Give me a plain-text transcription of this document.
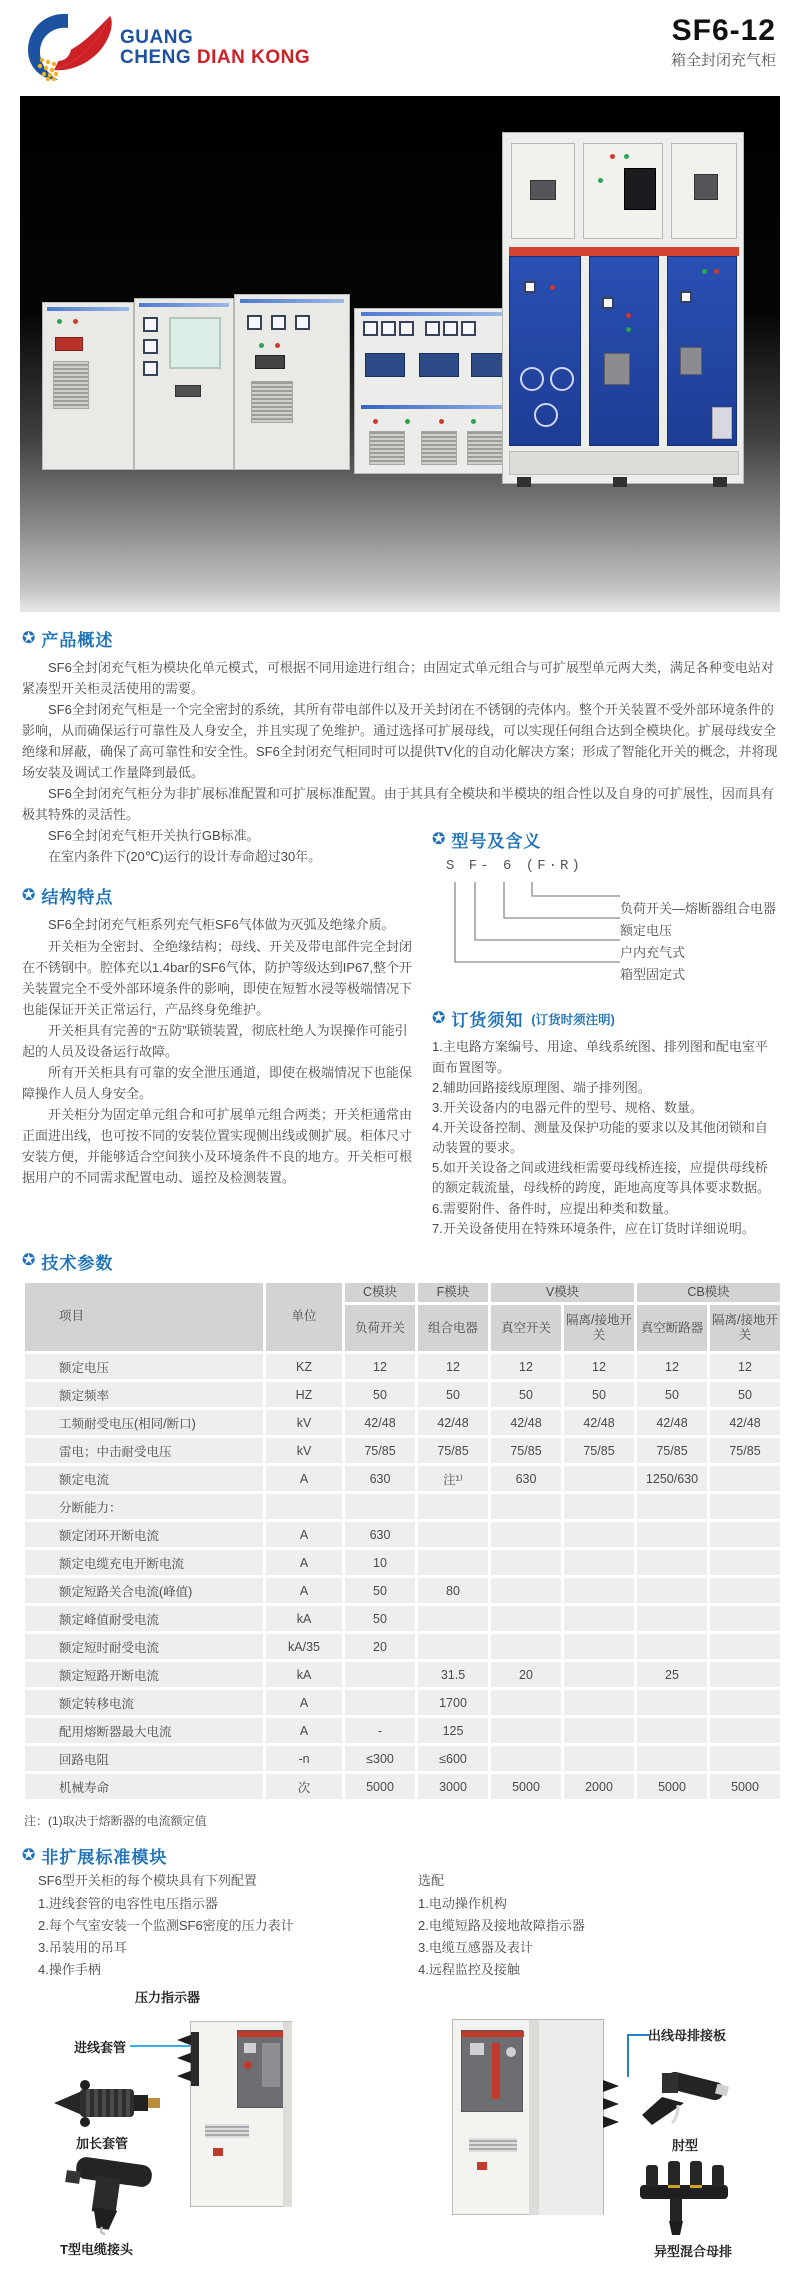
GUANG
CHENG DIAN KONG
SF6-12
箱全封闭充气柜
✪
产品概述
SF6全封闭充气柜为模块化单元模式，可根据不同用途进行组合；由固定式单元组合与可扩展型单元两大类，满足各种变电站对紧凑型开关柜灵活使用的需要。
SF6全封闭充气柜是一个完全密封的系统，其所有带电部件以及开关封闭在不锈钢的壳体内。整个开关装置不受外部环境条件的影响，从而确保运行可靠性及人身安全，并且实现了免维护。通过选择可扩展母线，可以实现任何组合达到全模块化。扩展母线安全绝缘和屏蔽，确保了高可靠性和安全性。SF6全封闭充气柜同时可以提供TV化的自动化解决方案；形成了智能化开关的概念，并将现场安装及调试工作量降到最低。
SF6全封闭充气柜分为非扩展标准配置和可扩展标准配置。由于其具有全模块和半模块的组合性以及自身的可扩展性，因而具有极其特殊的灵活性。
SF6全封闭充气柜开关执行GB标准。
在室内条件下(20℃)运行的设计寿命超过30年。
✪
结构特点
SF6全封闭充气柜系列充气柜SF6气体做为灭弧及绝缘介质。
开关柜为全密封、全绝缘结构；母线、开关及带电部件完全封闭在不锈钢中。腔体充以1.4bar的SF6气体，防护等级达到IP67,整个开关装置完全不受外部环境条件的影响，即使在短暂水浸等极端情况下也能保证开关正常运行，产品终身免维护。
开关柜具有完善的“五防”联锁装置，彻底杜绝人为误操作可能引起的人员及设备运行故障。
所有开关柜具有可靠的安全泄压通道，即使在极端情况下也能保障操作人员人身安全。
开关柜分为固定单元组合和可扩展单元组合两类；开关柜通常由正面进出线，也可按不同的安装位置实现侧出线或侧扩展。柜体尺寸安装方便，并能够适合空间狭小及环境条件不良的地方。开关柜可根据用户的不同需求配置电动、遥控及检测装置。
✪
型号及含义
S F- 6 (F·R)
负荷开关—熔断器组合电器
额定电压
户内充气式
箱型固定式
✪
订货须知 (订货时须注明)
1.主电路方案编号、用途、单线系统图、排列图和配电室平面布置图等。
2.辅助回路接线原理图、端子排列图。
3.开关设备内的电器元件的型号、规格、数量。
4.开关设备控制、测量及保护功能的要求以及其他闭锁和自动装置的要求。
5.如开关设备之间或进线柜需要母线桥连接，应提供母线桥的额定载流量，母线桥的跨度，距地高度等具体要求数据。
6.需要附件、备件时，应提出种类和数量。
7.开关设备使用在特殊环境条件，应在订货时详细说明。
✪
技术参数
项目	单位	C模块	F模块	V模块		CB模块	
		负荷开关	组合电器	真空开关	隔离/接地开关	真空断路器	隔离/接地开关
额定电压	KZ	12	12	12	12	12	12
额定频率	HZ	50	50	50	50	50	50
工频耐受电压(相同/断口)	kV	42/48	42/48	42/48	42/48	42/48	42/48
雷电；中击耐受电压	kV	75/85	75/85	75/85	75/85	75/85	75/85
额定电流	A	630	注¹⁾	630		1250/630	
分断能力：							
额定闭环开断电流	A	630					
额定电缆充电开断电流	A	10					
额定短路关合电流(峰值)	A	50	80				
额定峰值耐受电流	kA	50					
额定短时耐受电流	kA/35	20					
额定短路开断电流	kA		31.5	20		25	
额定转移电流	A		1700				
配用熔断器最大电流	A	-	125				
回路电阻	-n	≤300	≤600				
机械寿命	次	5000	3000	5000	2000	5000	5000
注：(1)取决于熔断器的电流额定值
✪
非扩展标准模块
SF6型开关柜的每个模块具有下列配置
1.进线套管的电容性电压指示器
2.每个气室安装一个监测SF6密度的压力表计
3.吊装用的吊耳
4.操作手柄
选配
1.电动操作机构
2.电缆短路及接地故障指示器
3.电缆互感器及表计
4.远程监控及接触
压力指示器
进线套管
加长套管
T型电缆接头
出线母排接板
肘型
异型混合母排
